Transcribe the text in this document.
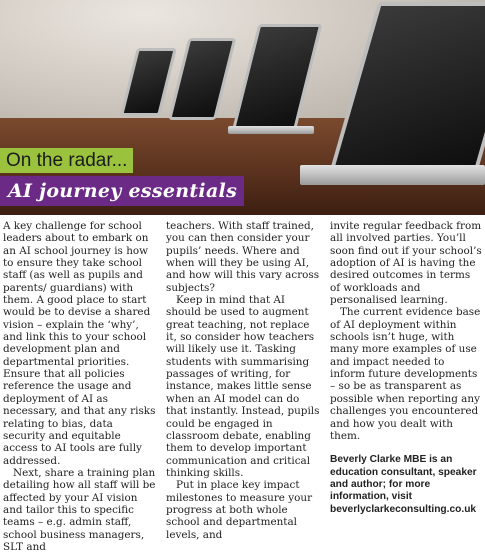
On the radar...
AI journey essentials

A key challenge for school leaders about to embark on an AI school journey is how to ensure they take school staff (as well as pupils and parents/ guardians) with them. A good place to start would be to devise a shared vision – explain the ‘why’, and link this to your school development plan and departmental priorities. Ensure that all policies reference the usage and deployment of AI as necessary, and that any risks relating to bias, data security and equitable access to AI tools are fully addressed.

Next, share a training plan detailing how all staff will be affected by your AI vision and tailor this to specific teams – e.g. admin staff, school business managers, SLT and

teachers. With staff trained, you can then consider your pupils’ needs. Where and when will they be using AI, and how will this vary across subjects?

Keep in mind that AI should be used to augment great teaching, not replace it, so consider how teachers will likely use it. Tasking students with summarising passages of writing, for instance, makes little sense when an AI model can do that instantly. Instead, pupils could be engaged in classroom debate, enabling them to develop important communication and critical thinking skills.

Put in place key impact milestones to measure your progress at both whole school and departmental levels, and

invite regular feedback from all involved parties. You’ll soon find out if your school’s adoption of AI is having the desired outcomes in terms of workloads and personalised learning.

The current evidence base of AI deployment within schools isn’t huge, with many more examples of use and impact needed to inform future developments – so be as transparent as possible when reporting any challenges you encountered and how you dealt with them.

Beverly Clarke MBE is an education consultant, speaker and author; for more information, visit beverlyclarkeconsulting.co.uk
